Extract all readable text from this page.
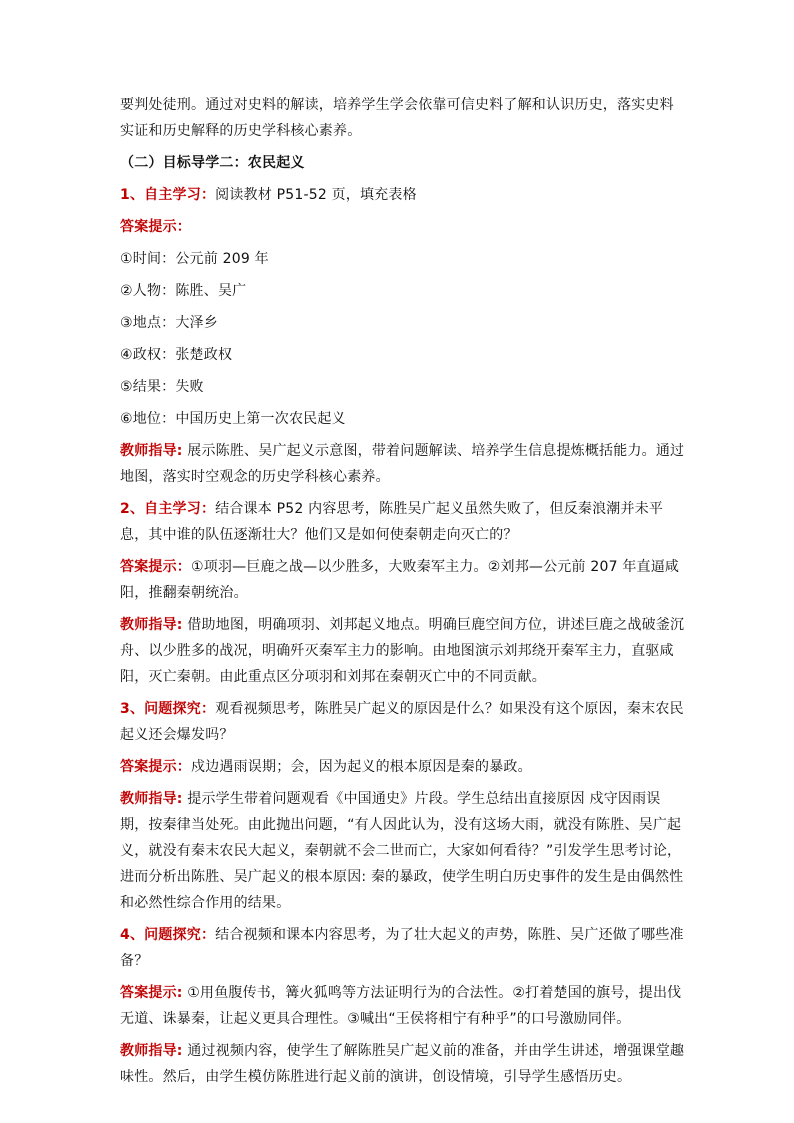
要判处徒刑。通过对史料的解读，培养学生学会依靠可信史料了解和认识历史，落实史料实证和历史解释的历史学科核心素养。

（二）目标导学二：农民起义

1、自主学习：阅读教材 P51-52 页，填充表格

答案提示：

①时间：公元前 209 年

②人物：陈胜、吴广

③地点：大泽乡

④政权：张楚政权

⑤结果：失败

⑥地位：中国历史上第一次农民起义

教师指导: 展示陈胜、吴广起义示意图，带着问题解读、培养学生信息提炼概括能力。通过地图，落实时空观念的历史学科核心素养。

2、自主学习：结合课本 P52 内容思考，陈胜吴广起义虽然失败了，但反秦浪潮并未平息，其中谁的队伍逐渐壮大？他们又是如何使秦朝走向灭亡的？

答案提示：①项羽—巨鹿之战—以少胜多，大败秦军主力。②刘邦—公元前 207 年直逼咸阳，推翻秦朝统治。

教师指导: 借助地图，明确项羽、刘邦起义地点。明确巨鹿空间方位，讲述巨鹿之战破釜沉舟、以少胜多的战况，明确歼灭秦军主力的影响。由地图演示刘邦绕开秦军主力，直驱咸阳，灭亡秦朝。由此重点区分项羽和刘邦在秦朝灭亡中的不同贡献。

3、问题探究：观看视频思考，陈胜吴广起义的原因是什么？如果没有这个原因，秦末农民起义还会爆发吗？

答案提示：戍边遇雨误期；会，因为起义的根本原因是秦的暴政。

教师指导: 提示学生带着问题观看《中国通史》片段。学生总结出直接原因 戍守因雨误期，按秦律当处死。由此抛出问题，“有人因此认为，没有这场大雨，就没有陈胜、吴广起义，就没有秦末农民大起义，秦朝就不会二世而亡，大家如何看待？”引发学生思考讨论，进而分析出陈胜、吴广起义的根本原因: 秦的暴政，使学生明白历史事件的发生是由偶然性和必然性综合作用的结果。

4、问题探究：结合视频和课本内容思考，为了壮大起义的声势，陈胜、吴广还做了哪些准备？

答案提示: ①用鱼腹传书，篝火狐鸣等方法证明行为的合法性。②打着楚国的旗号，提出伐无道、诛暴秦，让起义更具合理性。③喊出“王侯将相宁有种乎”的口号激励同伴。

教师指导: 通过视频内容，使学生了解陈胜吴广起义前的准备，并由学生讲述，增强课堂趣味性。然后，由学生模仿陈胜进行起义前的演讲，创设情境，引导学生感悟历史。
